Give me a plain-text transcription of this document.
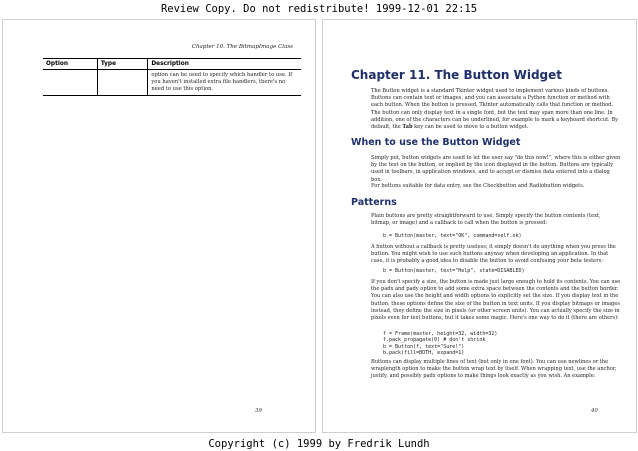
Review Copy. Do not redistribute! 1999-12-01 22:15
Chapter 10. The BitmapImage Class
Option	Type	Description
		option can be used to specify which handler to use. If you haven't installed extra file handlers, there's no need to use this option.
39
Chapter 11. The Button Widget

The Button widget is a standard Tkinter widget used to implement various kinds of buttons. Buttons can contain text or images, and you can associate a Python function or method with each button. When the button is pressed, Tkinter automatically calls that function or method.

The button can only display text in a single font, but the text may span more than one line. In addition, one of the characters can be underlined, for example to mark a keyboard shortcut. By default, the Tab key can be used to move to a button widget.

When to use the Button Widget

Simply put, button widgets are used to let the user say "do this now!", where this is either given by the text on the button, or implied by the icon displayed in the button. Buttons are typically used in toolbars, in application windows, and to accept or dismiss data entered into a dialog box.

For buttons suitable for data entry, see the Checkbutton and Radiobutton widgets.

Patterns

Plain buttons are pretty straightforward to use. Simply specify the button contents (text, bitmap, or image) and a callback to call when the button is pressed:

b = Button(master, text="OK", command=self.ok)

A button without a callback is pretty useless; it simply doesn't do anything when you press the button. You might wish to use such buttons anyway when developing an application. In that case, it is probably a good idea to disable the button to avoid confusing your beta testers:

b = Button(master, text="Help", state=DISABLED)

If you don't specify a size, the button is made just large enough to hold its contents. You can use the padx and pady option to add some extra space between the contents and the button border. You can also use the height and width options to explicitly set the size. If you display text in the button, these options define the size of the button in text units. If you display bitmaps or images instead, they define the size in pixels (or other screen units). You can actually specify the size in pixels even for text buttons, but it takes some magic. Here's one way to do it (there are others):

f = Frame(master, height=32, width=32)
f.pack_propagate(0) # don't shrink
b = Button(f, text="Sure!")
b.pack(fill=BOTH, expand=1)

Buttons can display multiple lines of text (but only in one font). You can use newlines or the wraplength option to make the button wrap text by itself. When wrapping text, use the anchor, justify, and possibly padx options to make things look exactly as you wish. An example:

40
Copyright (c) 1999 by Fredrik Lundh
